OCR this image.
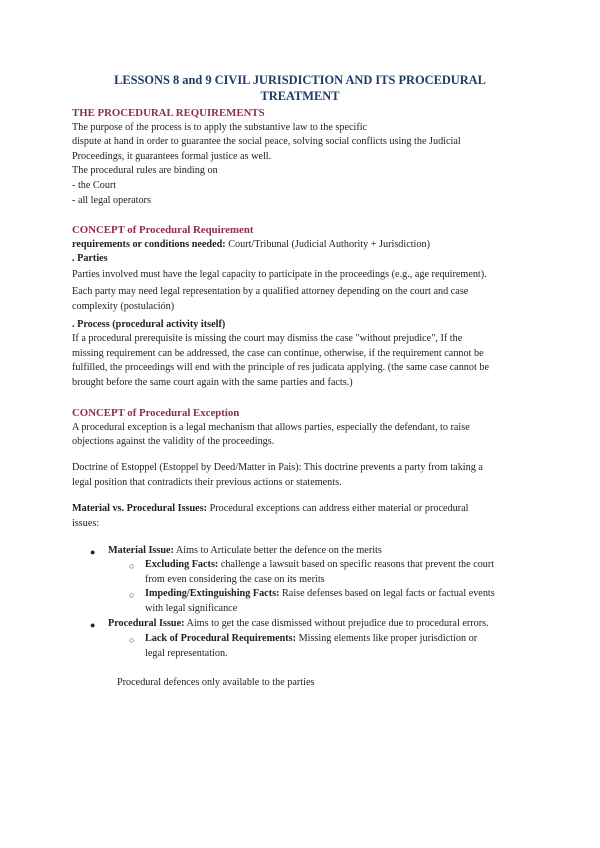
LESSONS 8 and 9 CIVIL JURISDICTION AND ITS PROCEDURAL
TREATMENT
THE PROCEDURAL REQUIREMENTS
The purpose of the process is to apply the substantive law to the specific
dispute at hand in order to guarantee the social peace, solving social conflicts using the Judicial
Proceedings, it guarantees formal justice as well.
The procedural rules are binding on
- the Court
- all legal operators
CONCEPT of Procedural Requirement
requirements or conditions needed: Court/Tribunal (Judicial Authority + Jurisdiction)
. Parties
Parties involved must have the legal capacity to participate in the proceedings (e.g., age requirement).
Each party may need legal representation by a qualified attorney depending on the court and case
complexity (postulación)
. Process (procedural activity itself)
If a procedural prerequisite is missing the court may dismiss the case "without prejudice", If the
missing requirement can be addressed, the case can continue, otherwise, if the requirement cannot be
fulfilled, the proceedings will end with the principle of res judicata applying. (the same case cannot be
brought before the same court again with the same parties and facts.)
CONCEPT of Procedural Exception
A procedural exception is a legal mechanism that allows parties, especially the defendant, to raise
objections against the validity of the proceedings.
Doctrine of Estoppel (Estoppel by Deed/Matter in Pais): This doctrine prevents a party from taking a
legal position that contradicts their previous actions or statements.
Material vs. Procedural Issues: Procedural exceptions can address either material or procedural
issues:
● Material Issue: Aims to Articulate better the defence on the merits
○ Excluding Facts: challenge a lawsuit based on specific reasons that prevent the court
from even considering the case on its merits
○ Impeding/Extinguishing Facts: Raise defenses based on legal facts or factual events
with legal significance
● Procedural Issue: Aims to get the case dismissed without prejudice due to procedural errors.
○ Lack of Procedural Requirements: Missing elements like proper jurisdiction or
legal representation.
Procedural defences only available to the parties
